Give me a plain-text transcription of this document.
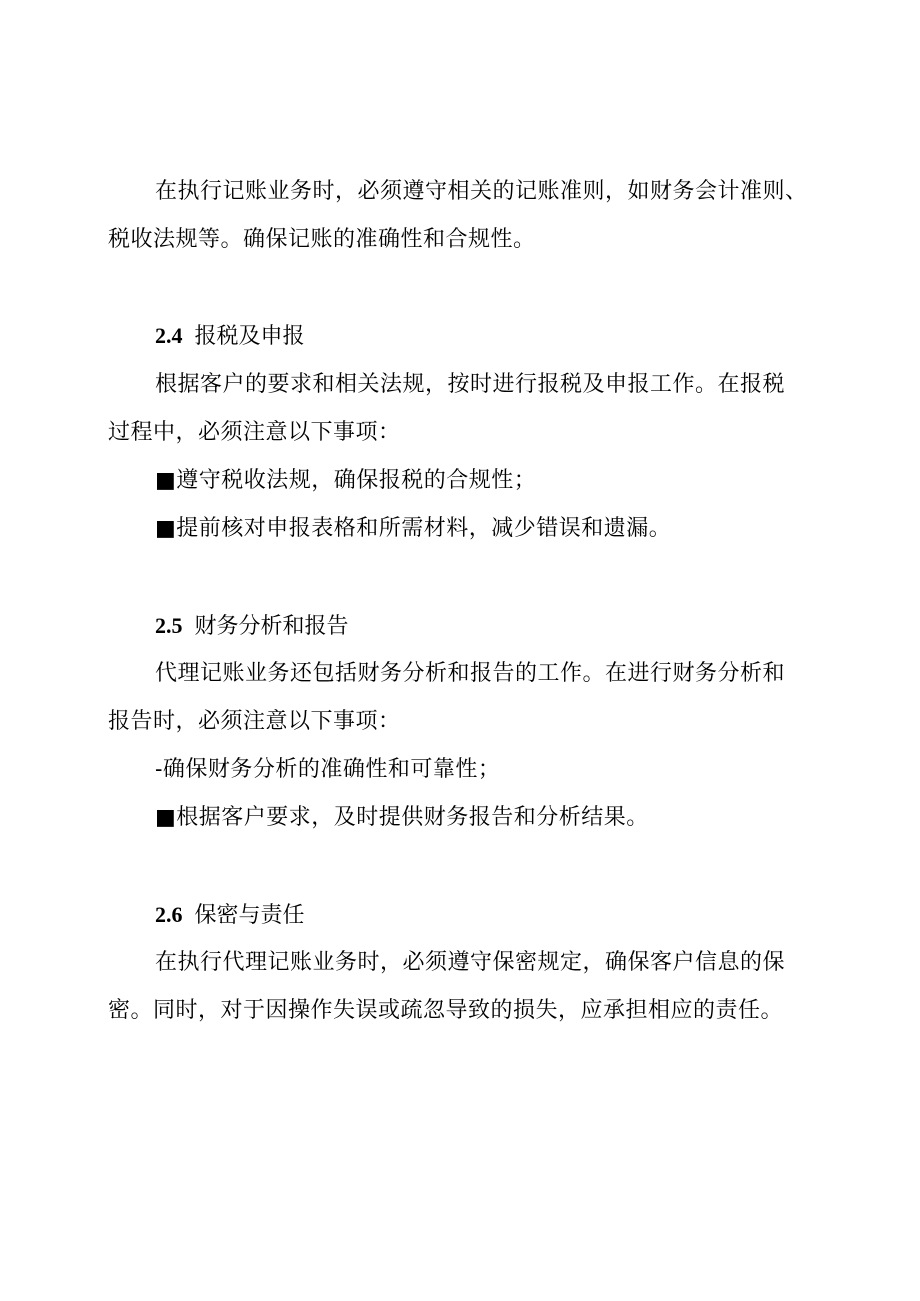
在执行记账业务时，必须遵守相关的记账准则，如财务会计准则、
税收法规等。确保记账的准确性和合规性。
2.4 报税及申报
根据客户的要求和相关法规，按时进行报税及申报工作。在报税
过程中，必须注意以下事项：
■遵守税收法规，确保报税的合规性；
■提前核对申报表格和所需材料，减少错误和遗漏。
2.5 财务分析和报告
代理记账业务还包括财务分析和报告的工作。在进行财务分析和
报告时，必须注意以下事项：
-确保财务分析的准确性和可靠性；
■根据客户要求，及时提供财务报告和分析结果。
2.6 保密与责任
在执行代理记账业务时，必须遵守保密规定，确保客户信息的保
密。同时，对于因操作失误或疏忽导致的损失，应承担相应的责任。
